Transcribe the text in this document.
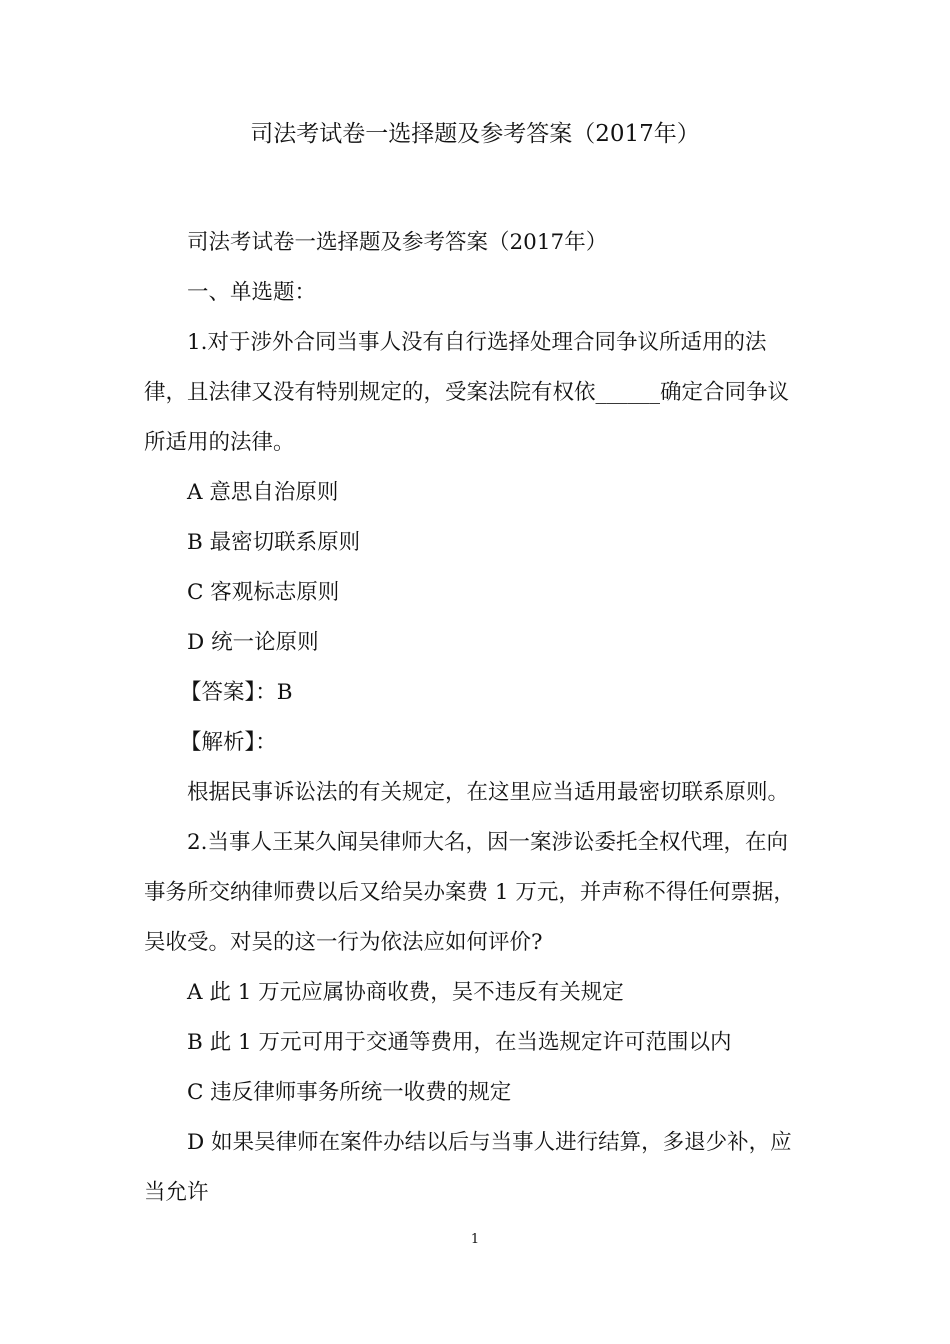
司法考试卷一选择题及参考答案（2017年）

司法考试卷一选择题及参考答案（2017年）

一、单选题：

1.对于涉外合同当事人没有自行选择处理合同争议所适用的法

律，且法律又没有特别规定的，受案法院有权依______确定合同争议

所适用的法律。

A 意思自治原则

B 最密切联系原则

C 客观标志原则

D 统一论原则

【答案】：B

【解析】：

根据民事诉讼法的有关规定，在这里应当适用最密切联系原则。

2.当事人王某久闻吴律师大名，因一案涉讼委托全权代理，在向

事务所交纳律师费以后又给吴办案费 1 万元，并声称不得任何票据，

吴收受。对吴的这一行为依法应如何评价?

A 此 1 万元应属协商收费，吴不违反有关规定

B 此 1 万元可用于交通等费用，在当选规定许可范围以内

C 违反律师事务所统一收费的规定

D 如果吴律师在案件办结以后与当事人进行结算，多退少补，应

当允许

1
